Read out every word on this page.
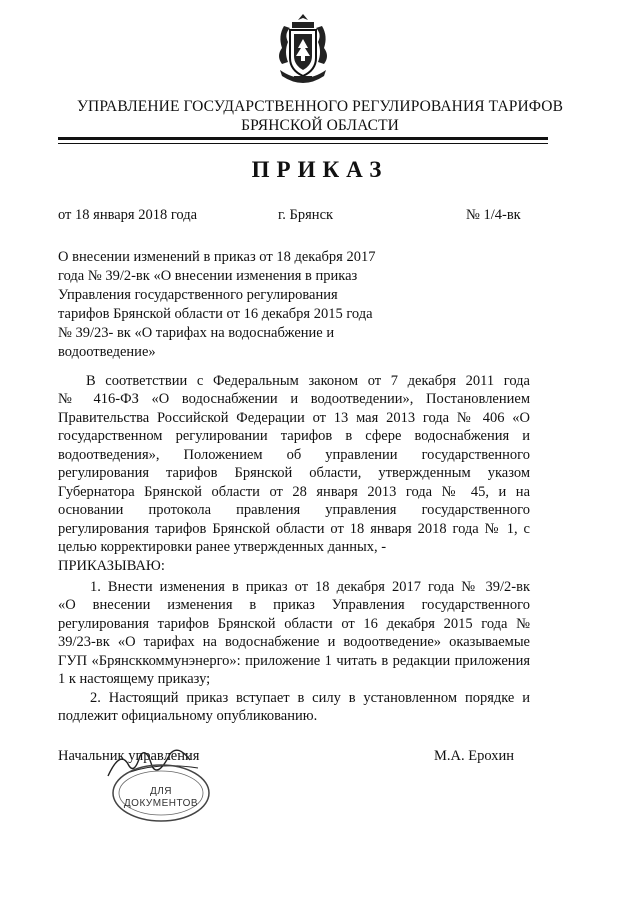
УПРАВЛЕНИЕ ГОСУДАРСТВЕННОГО РЕГУЛИРОВАНИЯ ТАРИФОВ
БРЯНСКОЙ ОБЛАСТИ
ПРИКАЗ
от 18 января 2018 года	г. Брянск	№ 1/4-вк
О внесении изменений в приказ от 18 декабря 2017
года № 39/2-вк «О внесении изменения в приказ
Управления государственного регулирования
тарифов Брянской области от 16 декабря 2015 года
№ 39/23- вк «О тарифах на водоснабжение и
водоотведение»
В соответствии с Федеральным законом от 7 декабря 2011 года
№ 416-ФЗ «О водоснабжении и водоотведении», Постановлением
Правительства Российской Федерации от 13 мая 2013 года № 406 «О
государственном регулировании тарифов в сфере водоснабжения и
водоотведения», Положением об управлении государственного
регулирования тарифов Брянской области, утвержденным указом
Губернатора Брянской области от 28 января 2013 года № 45, и на
основании протокола правления управления государственного
регулирования тарифов Брянской области от 18 января 2018 года № 1, с
целью корректировки ранее утвержденных данных, -
ПРИКАЗЫВАЮ:
1. Внести изменения в приказ от 18 декабря 2017 года № 39/2-вк
«О внесении изменения в приказ Управления государственного
регулирования тарифов Брянской области от 16 декабря 2015 года №
39/23-вк «О тарифах на водоснабжение и водоотведение» оказываемые
ГУП «Брянсккоммунэнерго»: приложение 1 читать в редакции приложения
1 к настоящему приказу;
2. Настоящий приказ вступает в силу в установленном порядке и
подлежит официальному опубликованию.
Начальник управления	М.А. Ерохин
ДЛЯ
ДОКУМЕНТОВ
